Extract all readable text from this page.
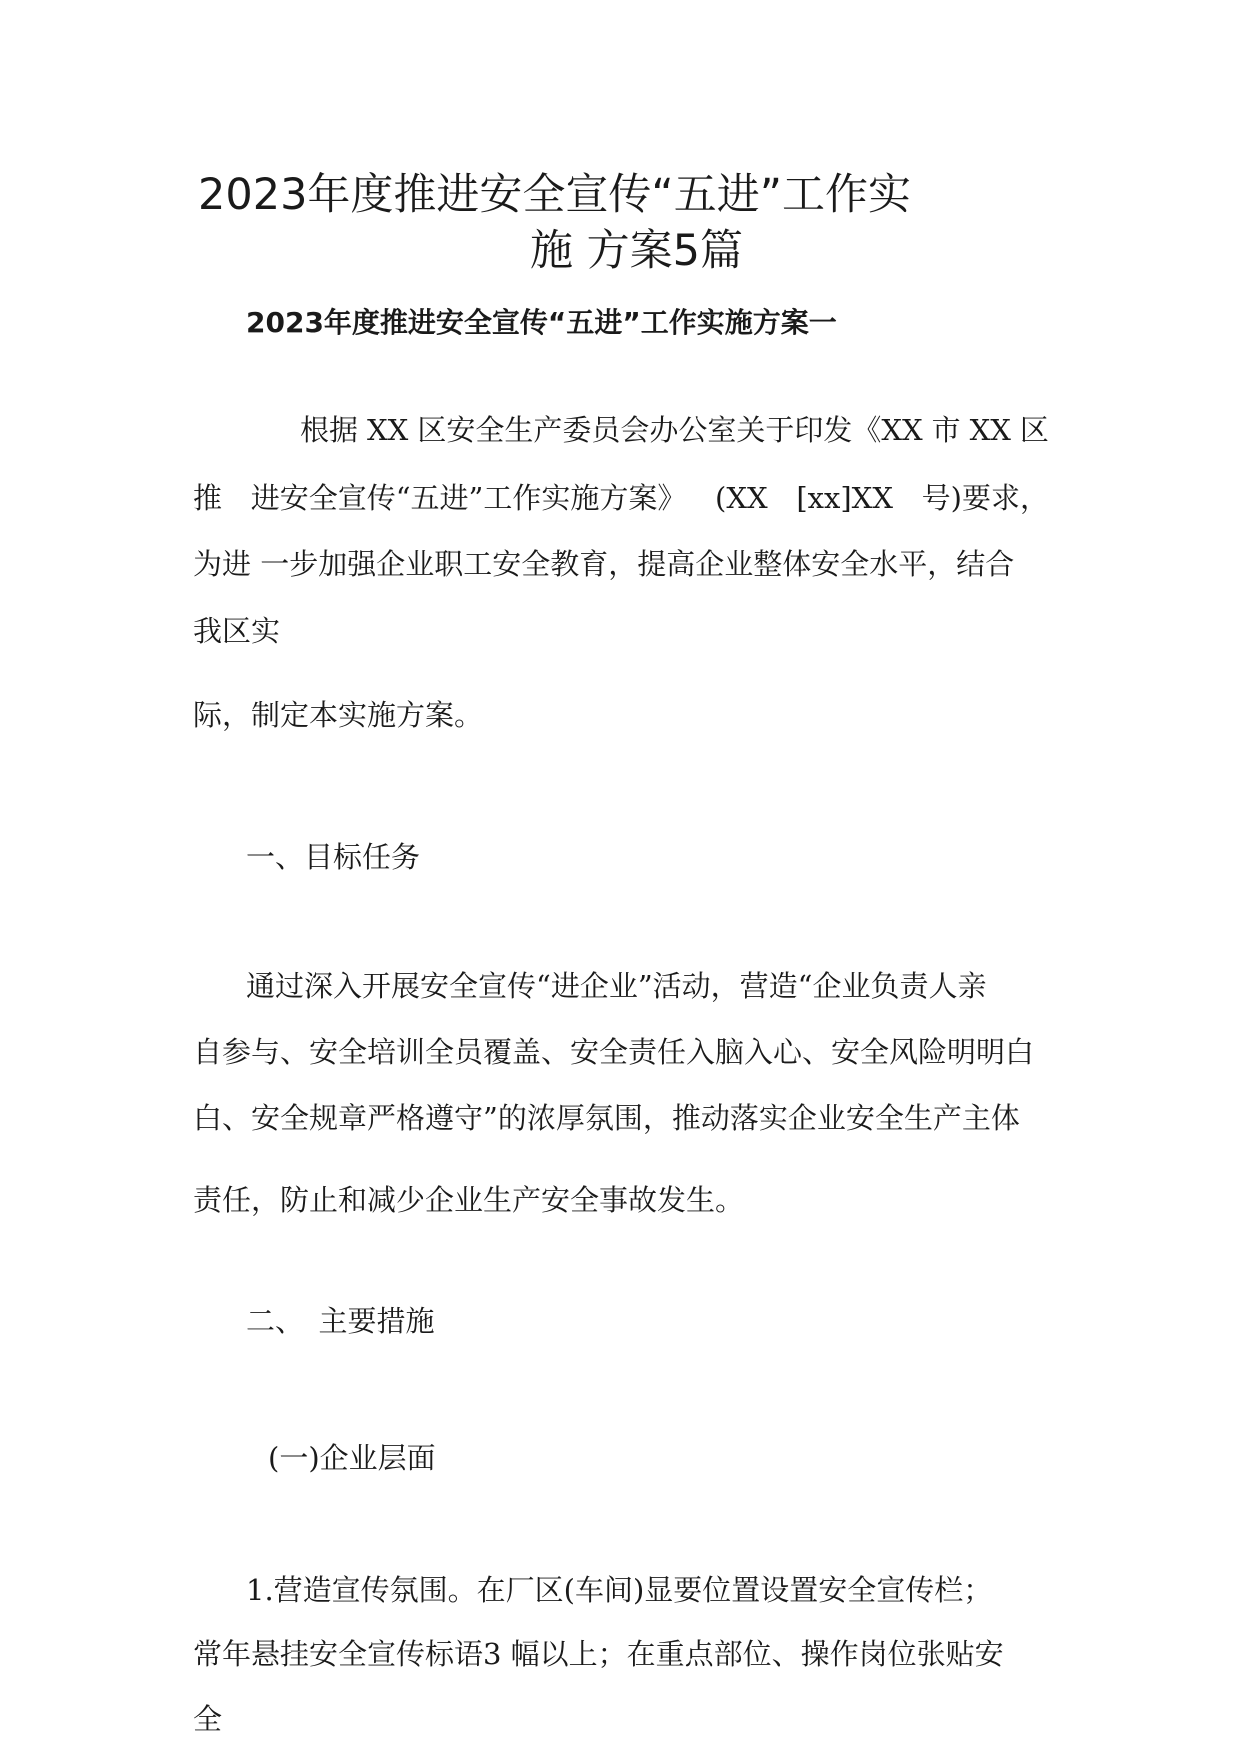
2023年度推进安全宣传“五进”工作实
施 方案5篇
2023年度推进安全宣传“五进”工作实施方案一
根据 XX 区安全生产委员会办公室关于印发《XX 市 XX 区
推 进安全宣传“五进”工作实施方案》 (XX [xx]XX 号)要求，
为进 一步加强企业职工安全教育，提高企业整体安全水平，结合
我区实
际，制定本实施方案。
一、目标任务
通过深入开展安全宣传“进企业”活动，营造“企业负责人亲
自参与、安全培训全员覆盖、安全责任入脑入心、安全风险明明白
白、安全规章严格遵守”的浓厚氛围，推动落实企业安全生产主体
责任，防止和减少企业生产安全事故发生。
二、　主要措施
(一)企业层面
1.营造宣传氛围。在厂区(车间)显要位置设置安全宣传栏；
常年悬挂安全宣传标语3 幅以上；在重点部位、操作岗位张贴安
全
